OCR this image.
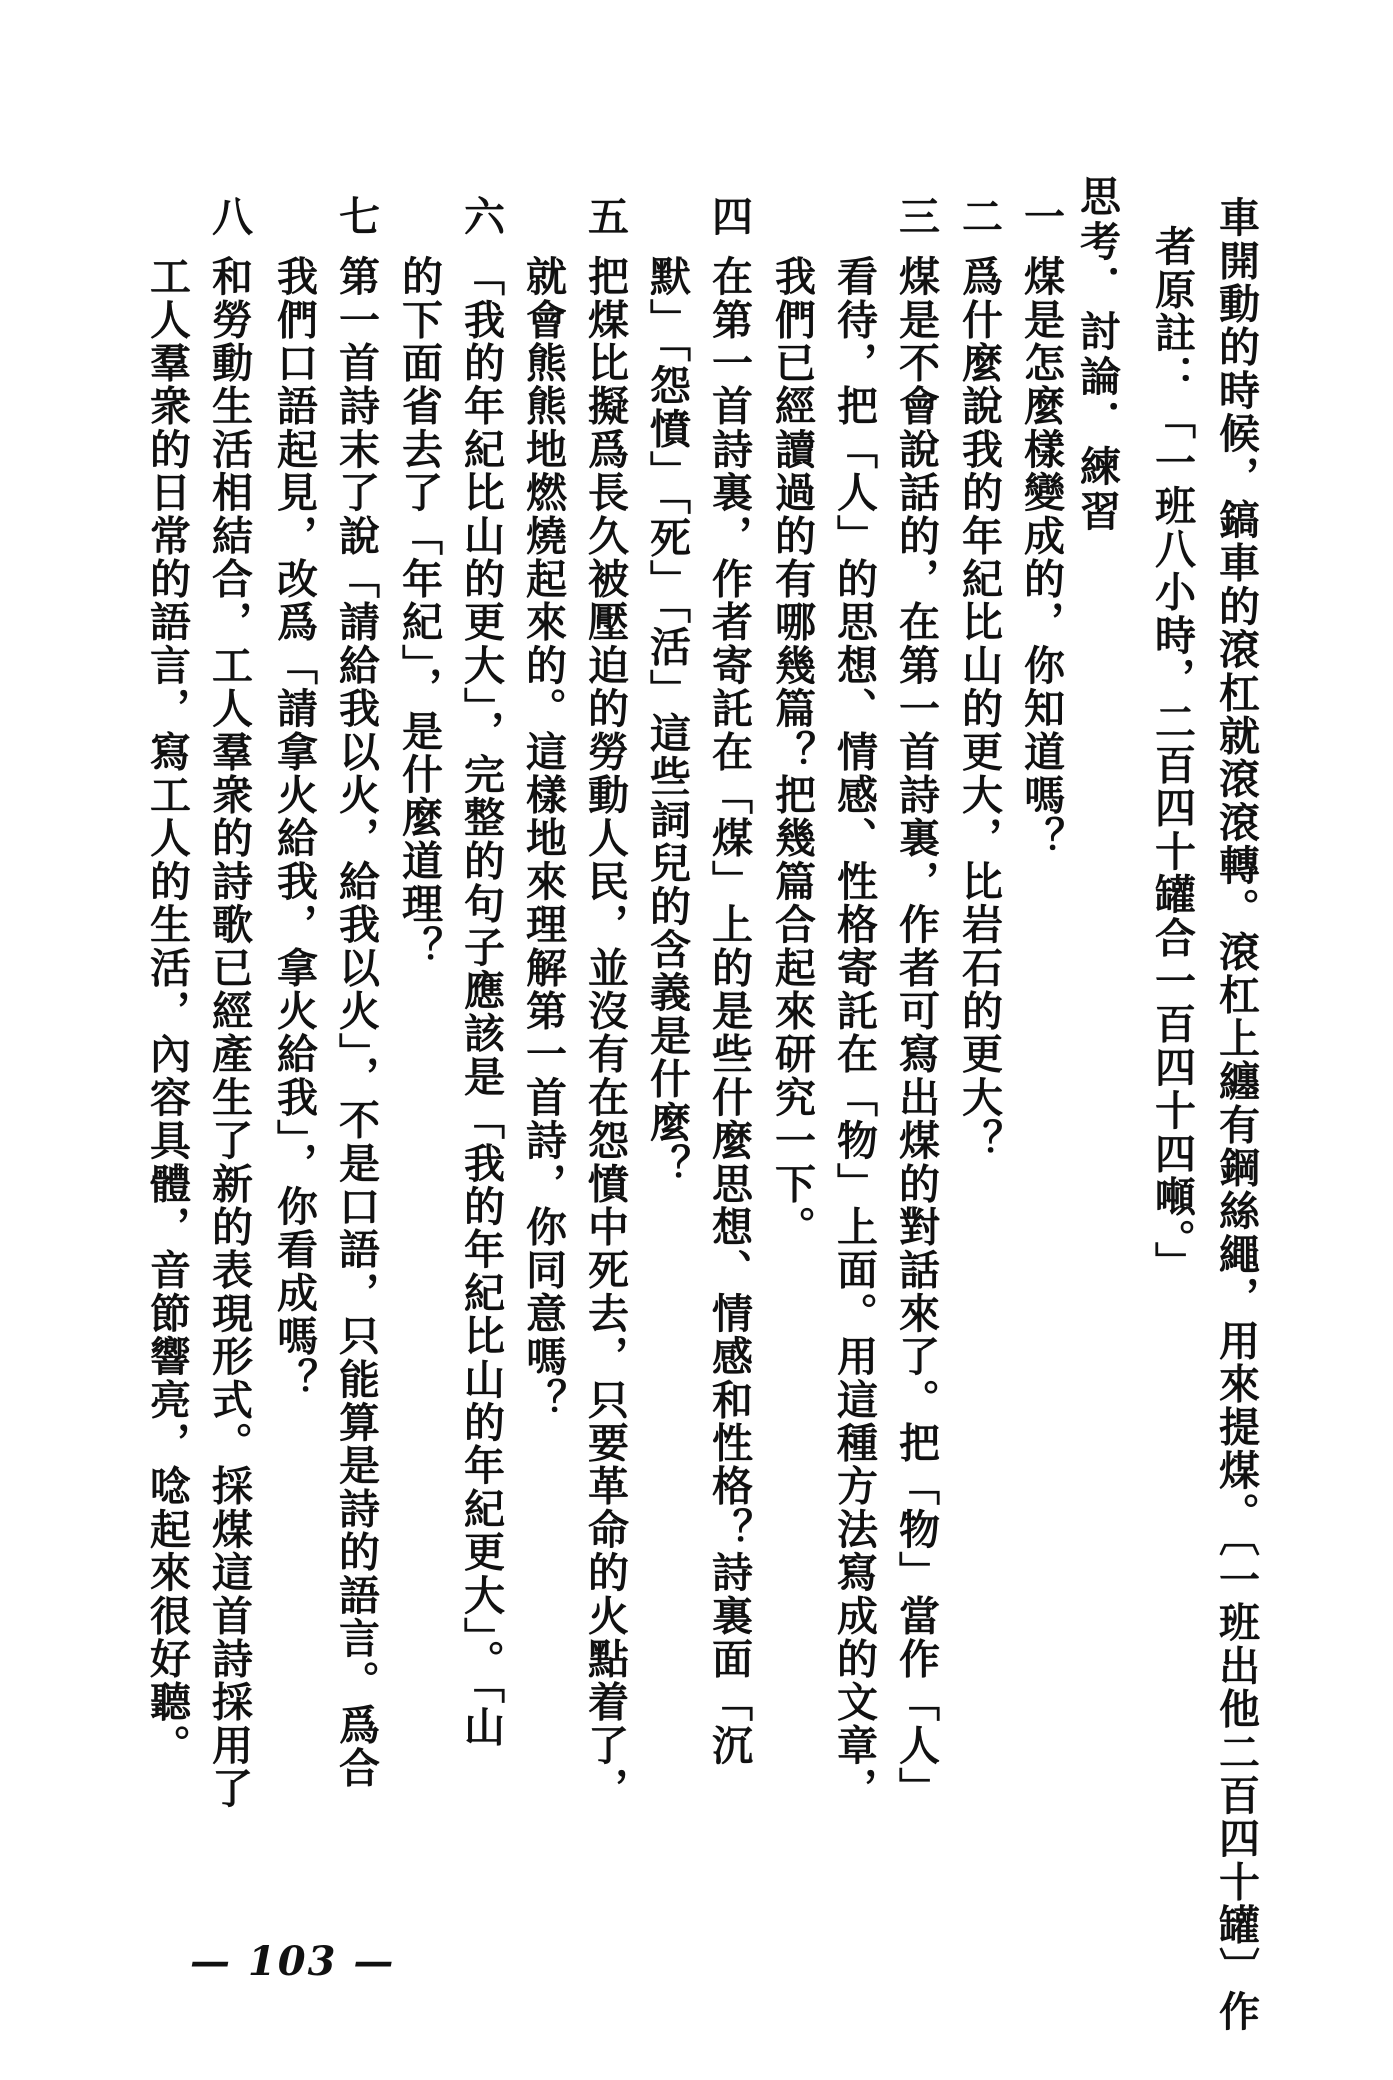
車開動的時候，鎬車的滾杠就滾滾轉。滾杠上纏有鋼絲繩，用來提煤。〔一班出他二百四十罐〕作
者原註：「一班八小時，二百四十罐合一百四十四噸。」
思考．討論．練習
一
煤是怎麼樣變成的，你知道嗎？
二
爲什麼說我的年紀比山的更大，比岩石的更大？
三
煤是不會說話的，在第一首詩裏，作者可寫出煤的對話來了。把「物」當作「人」
看待，把「人」的思想、情感、性格寄託在「物」上面。用這種方法寫成的文章，
我們已經讀過的有哪幾篇？把幾篇合起來研究一下。
四
在第一首詩裏，作者寄託在「煤」上的是些什麼思想、情感和性格？詩裏面「沉
默」「怨憤」「死」「活」這些詞兒的含義是什麼？
五
把煤比擬爲長久被壓迫的勞動人民，並沒有在怨憤中死去，只要革命的火點着了，
就會熊熊地燃燒起來的。這樣地來理解第一首詩，你同意嗎？
六
「我的年紀比山的更大」，完整的句子應該是「我的年紀比山的年紀更大」。「山
的下面省去了「年紀」，是什麼道理？
七
第一首詩末了說「請給我以火，給我以火」，不是口語，只能算是詩的語言。爲合
我們口語起見，改爲「請拿火給我，拿火給我」，你看成嗎？
八
和勞動生活相結合，工人羣衆的詩歌已經產生了新的表現形式。採煤這首詩採用了
工人羣衆的日常的語言，寫工人的生活，內容具體，音節響亮，唸起來很好聽。
— 103 —
